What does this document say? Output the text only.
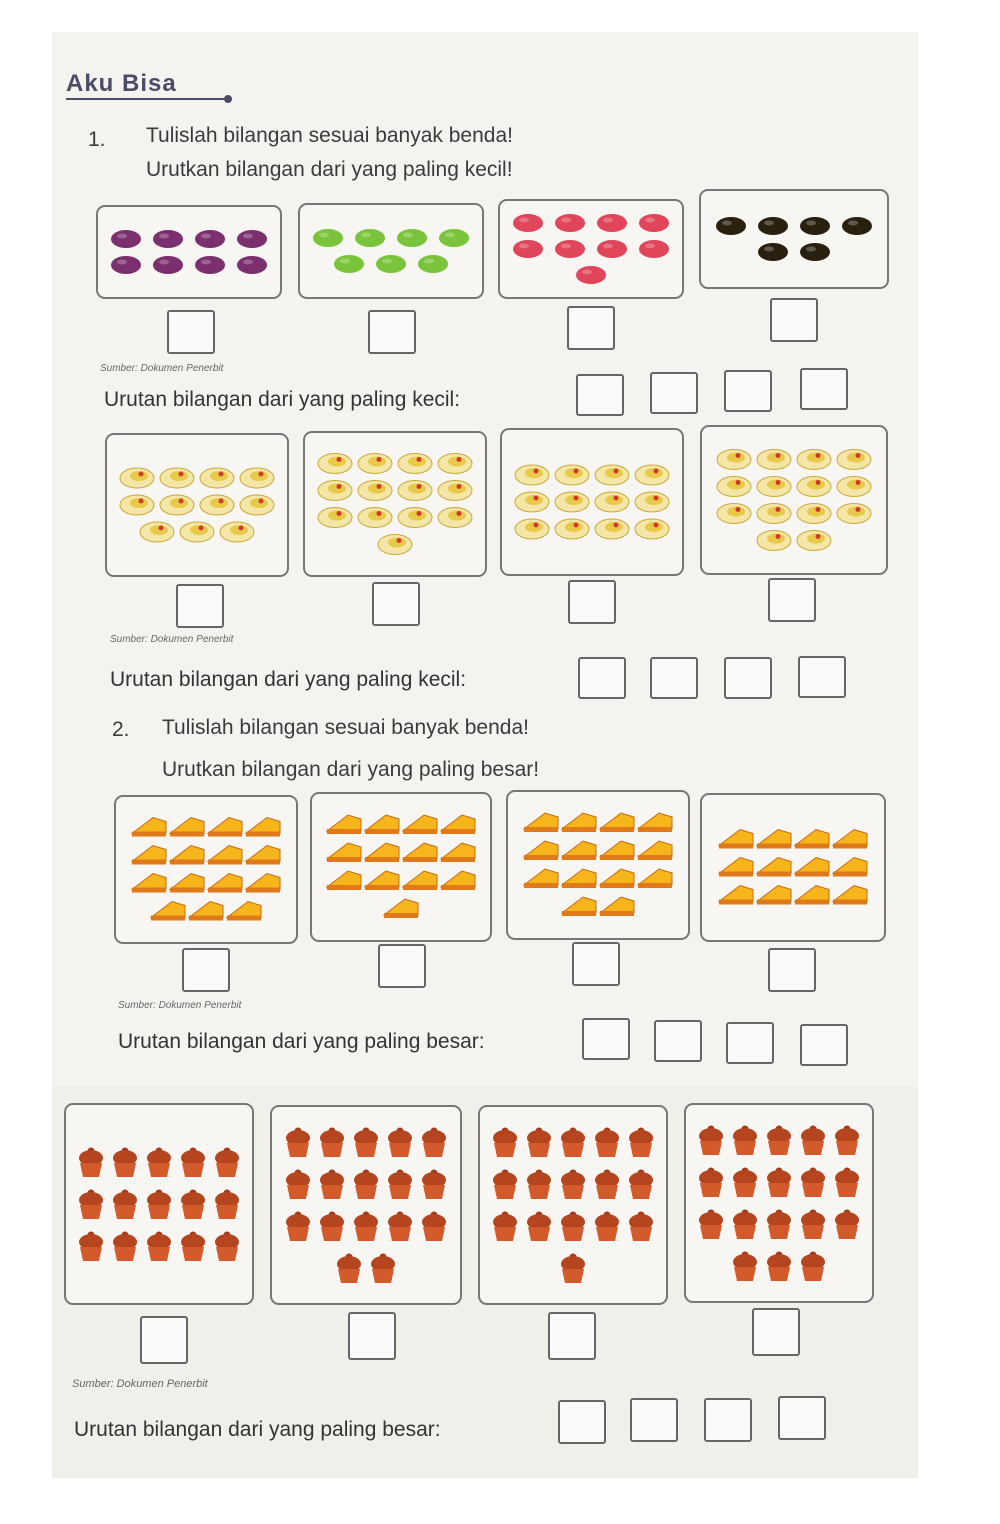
Aku Bisa
1. Tulislah bilangan sesuai banyak benda!
Urutkan bilangan dari yang paling kecil!
Sumber: Dokumen Penerbit
Urutan bilangan dari yang paling kecil:
Sumber: Dokumen Penerbit
Urutan bilangan dari yang paling kecil:
2. Tulislah bilangan sesuai banyak benda!
Urutkan bilangan dari yang paling besar!
Sumber: Dokumen Penerbit
Urutan bilangan dari yang paling besar:
Sumber: Dokumen Penerbit
Urutan bilangan dari yang paling besar:
